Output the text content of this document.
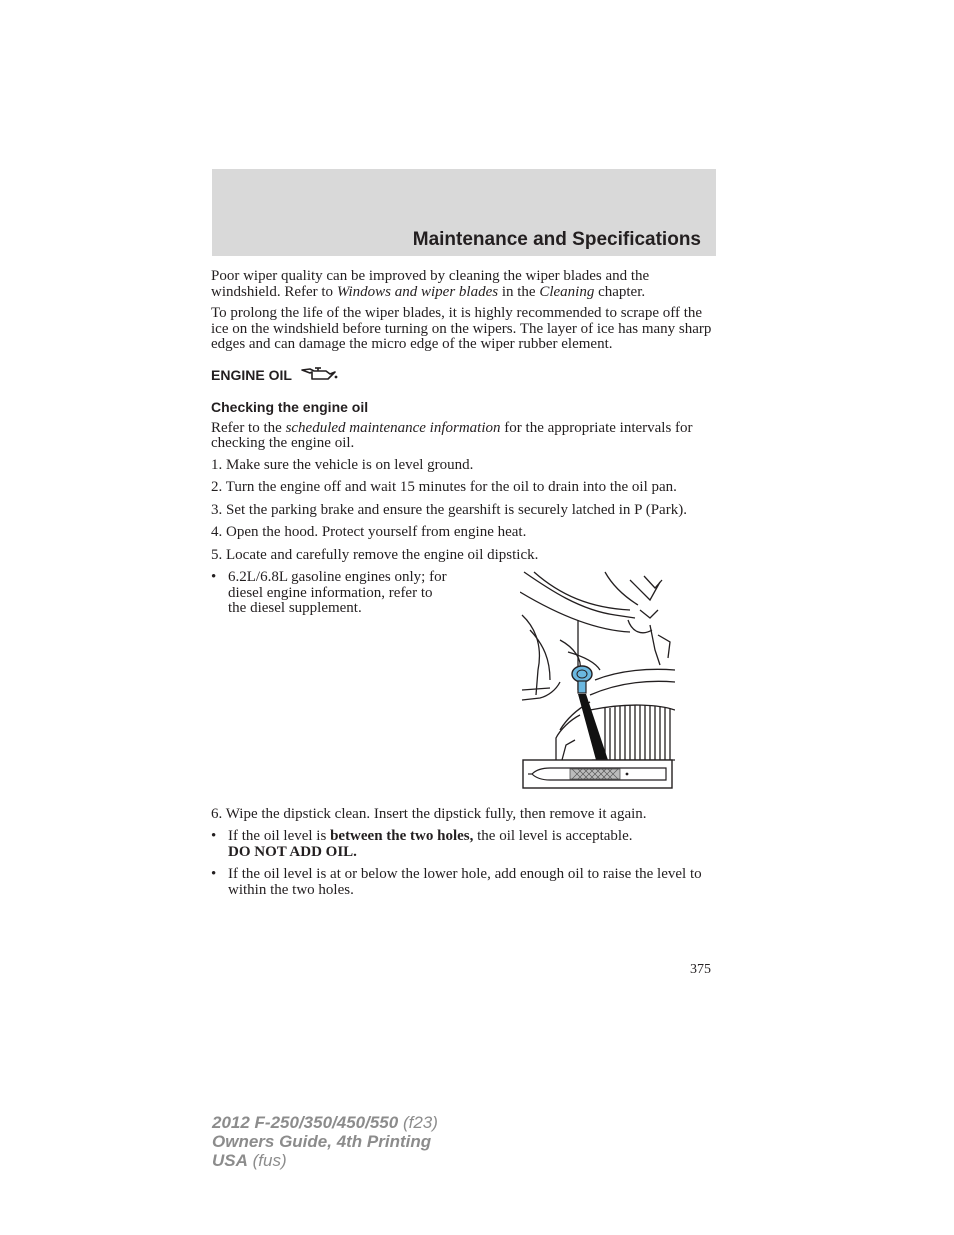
Maintenance and Specifications

Poor wiper quality can be improved by cleaning the wiper blades and the windshield. Refer to Windows and wiper blades in the Cleaning chapter.

To prolong the life of the wiper blades, it is highly recommended to scrape off the ice on the windshield before turning on the wipers. The layer of ice has many sharp edges and can damage the micro edge of the wiper rubber element.

ENGINE OIL
Checking the engine oil

Refer to the scheduled maintenance information for the appropriate intervals for checking the engine oil.

1. Make sure the vehicle is on level ground.

2. Turn the engine off and wait 15 minutes for the oil to drain into the oil pan.

3. Set the parking brake and ensure the gearshift is securely latched in P (Park).

4. Open the hood. Protect yourself from engine heat.

5. Locate and carefully remove the engine oil dipstick.

• 6.2L/6.8L gasoline engines only; for diesel engine information, refer to the diesel supplement.

6. Wipe the dipstick clean. Insert the dipstick fully, then remove it again.

• If the oil level is between the two holes, the oil level is acceptable.
DO NOT ADD OIL.
• If the oil level is at or below the lower hole, add enough oil to raise the level to within the two holes.
375
2012 F-250/350/450/550 (f23)
Owners Guide, 4th Printing
USA (fus)
